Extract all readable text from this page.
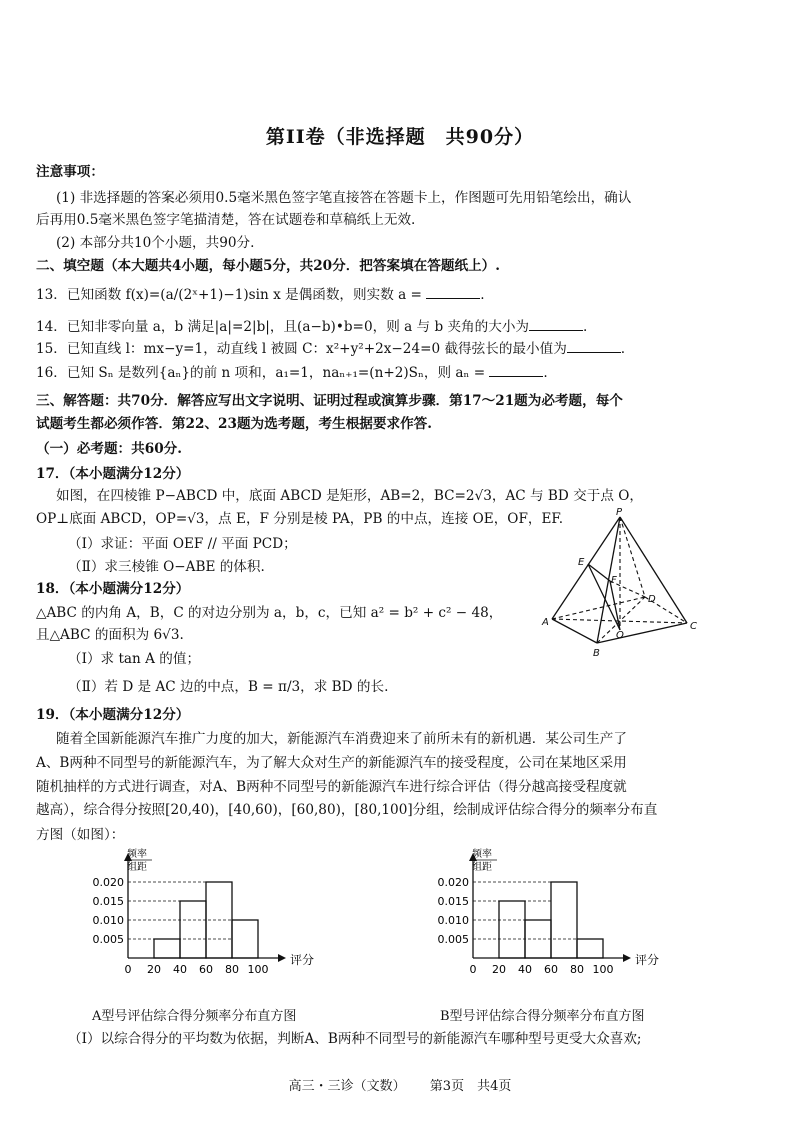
第II卷（非选择题　共90分）
注意事项：
(1) 非选择题的答案必须用0.5毫米黑色签字笔直接答在答题卡上，作图题可先用铅笔绘出，确认
后再用0.5毫米黑色签字笔描清楚，答在试题卷和草稿纸上无效.
(2) 本部分共10个小题，共90分.
二、填空题（本大题共4小题，每小题5分，共20分．把答案填在答题纸上）.
13．已知函数 f(x)=(a/(2ˣ+1)−1)sin x 是偶函数，则实数 a =	.
14．已知非零向量 a，b 满足|a|=2|b|，且(a−b)•b=0，则 a 与 b 夹角的大小为	.
15．已知直线 l：mx−y=1，动直线 l 被圆 C：x²+y²+2x−24=0 截得弦长的最小值为	.
16．已知 Sₙ 是数列{aₙ}的前 n 项和，a₁=1，naₙ₊₁=(n+2)Sₙ，则 aₙ =	.
三、解答题：共70分．解答应写出文字说明、证明过程或演算步骤．第17～21题为必考题，每个
试题考生都必须作答．第22、23题为选考题，考生根据要求作答.
（一）必考题：共60分.
17．（本小题满分12分）
如图，在四棱锥 P−ABCD 中，底面 ABCD 是矩形，AB=2，BC=2√3，AC 与 BD 交于点 O，
OP⊥底面 ABCD，OP=√3，点 E，F 分别是棱 PA，PB 的中点，连接 OE，OF，EF.
（Ⅰ）求证：平面 OEF // 平面 PCD；
（Ⅱ）求三棱锥 O−ABE 的体积.
18．（本小题满分12分）
△ABC 的内角 A，B，C 的对边分别为 a，b，c，已知 a² = b² + c² − 48，
且△ABC 的面积为 6√3.
（Ⅰ）求 tan A 的值；
（Ⅱ）若 D 是 AC 边的中点，B = π/3，求 BD 的长.
P
E
F
D
A
O
C
B
19．（本小题满分12分）
随着全国新能源汽车推广力度的加大，新能源汽车消费迎来了前所未有的新机遇．某公司生产了
A、B两种不同型号的新能源汽车，为了解大众对生产的新能源汽车的接受程度，公司在某地区采用
随机抽样的方式进行调查，对A、B两种不同型号的新能源汽车进行综合评估（得分越高接受程度就
越高），综合得分按照[20,40)，[40,60)，[60,80)，[80,100]分组，绘制成评估综合得分的频率分布直
方图（如图）：
频率
组距
0.005
0.010
0.015
0.020
0 20 40 60 80 100
评分
A型号评估综合得分频率分布直方图
频率
组距
0.005
0.010
0.015
0.020
0 20 40 60 80 100
评分
B型号评估综合得分频率分布直方图
（Ⅰ）以综合得分的平均数为依据，判断A、B两种不同型号的新能源汽车哪种型号更受大众喜欢;
高三・三诊（文数） 第3页　共4页
